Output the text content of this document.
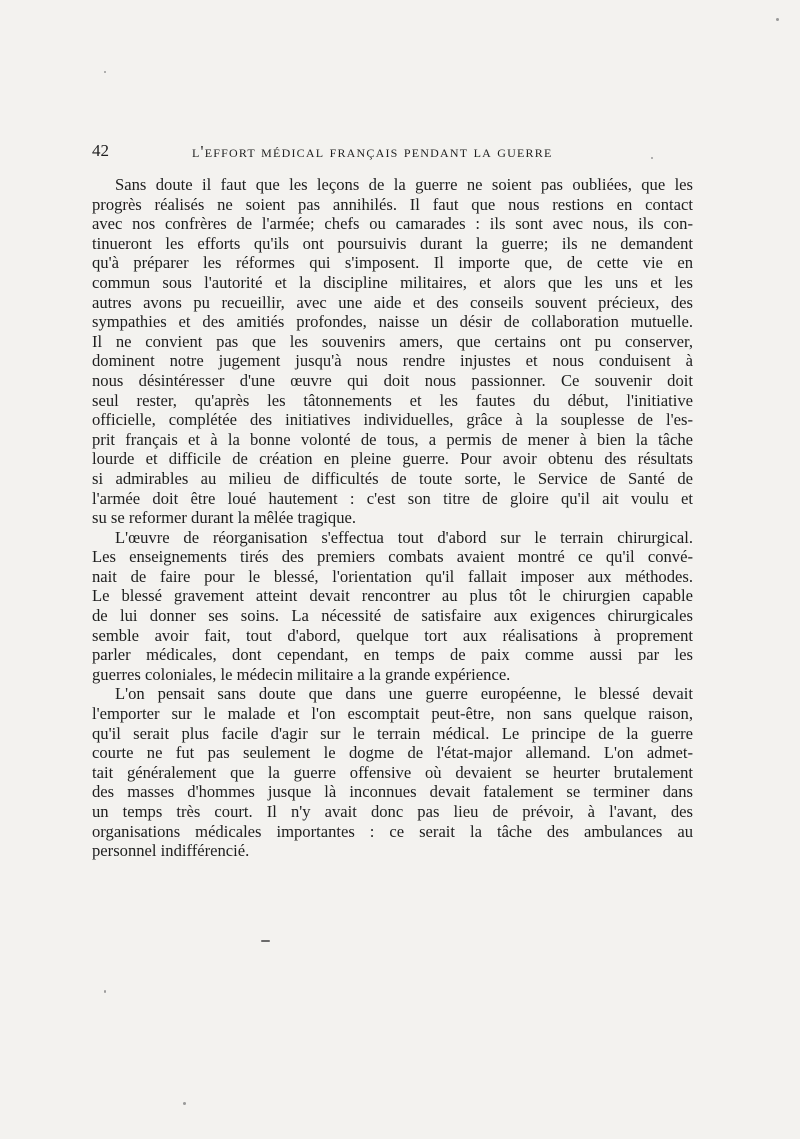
42	l'effort médical français pendant la guerre
Sans doute il faut que les leçons de la guerre ne soient pas oubliées, que les
progrès réalisés ne soient pas annihilés. Il faut que nous restions en contact
avec nos confrères de l'armée; chefs ou camarades : ils sont avec nous, ils con-
tinueront les efforts qu'ils ont poursuivis durant la guerre; ils ne demandent
qu'à préparer les réformes qui s'imposent. Il importe que, de cette vie en
commun sous l'autorité et la discipline militaires, et alors que les uns et les
autres avons pu recueillir, avec une aide et des conseils souvent précieux, des
sympathies et des amitiés profondes, naisse un désir de collaboration mutuelle.
Il ne convient pas que les souvenirs amers, que certains ont pu conserver,
dominent notre jugement jusqu'à nous rendre injustes et nous conduisent à
nous désintéresser d'une œuvre qui doit nous passionner. Ce souvenir doit
seul rester, qu'après les tâtonnements et les fautes du début, l'initiative
officielle, complétée des initiatives individuelles, grâce à la souplesse de l'es-
prit français et à la bonne volonté de tous, a permis de mener à bien la tâche
lourde et difficile de création en pleine guerre. Pour avoir obtenu des résultats
si admirables au milieu de difficultés de toute sorte, le Service de Santé de
l'armée doit être loué hautement : c'est son titre de gloire qu'il ait voulu et
su se reformer durant la mêlée tragique.
L'œuvre de réorganisation s'effectua tout d'abord sur le terrain chirurgical.
Les enseignements tirés des premiers combats avaient montré ce qu'il convé-
nait de faire pour le blessé, l'orientation qu'il fallait imposer aux méthodes.
Le blessé gravement atteint devait rencontrer au plus tôt le chirurgien capable
de lui donner ses soins. La nécessité de satisfaire aux exigences chirurgicales
semble avoir fait, tout d'abord, quelque tort aux réalisations à proprement
parler médicales, dont cependant, en temps de paix comme aussi par les
guerres coloniales, le médecin militaire a la grande expérience.
L'on pensait sans doute que dans une guerre européenne, le blessé devait
l'emporter sur le malade et l'on escomptait peut-être, non sans quelque raison,
qu'il serait plus facile d'agir sur le terrain médical. Le principe de la guerre
courte ne fut pas seulement le dogme de l'état-major allemand. L'on admet-
tait généralement que la guerre offensive où devaient se heurter brutalement
des masses d'hommes jusque là inconnues devait fatalement se terminer dans
un temps très court. Il n'y avait donc pas lieu de prévoir, à l'avant, des
organisations médicales importantes : ce serait la tâche des ambulances au
personnel indifférencié.
